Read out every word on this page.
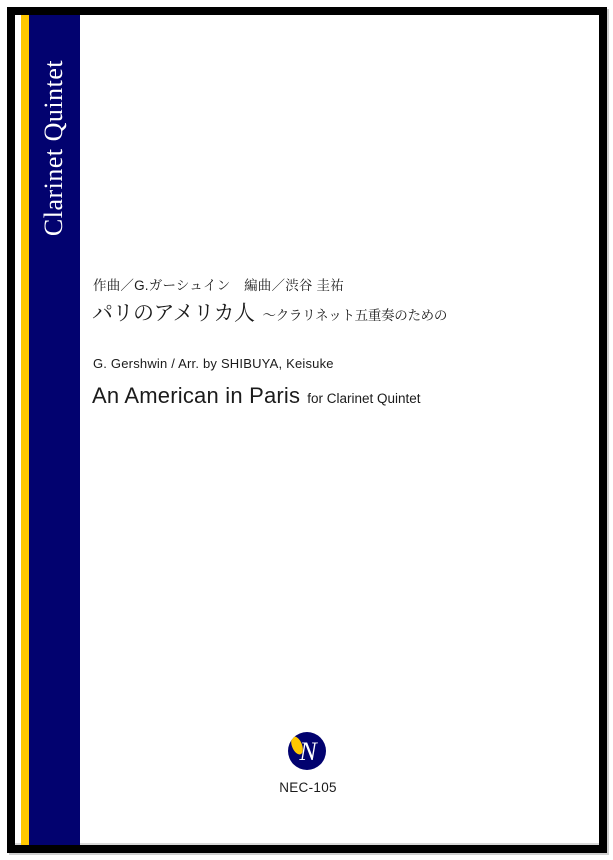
Clarinet Quintet
作曲／G.ガーシュイン　編曲／渋谷 圭祐
パリのアメリカ人 ～クラリネット五重奏のための
G. Gershwin / Arr. by SHIBUYA, Keisuke
An American in Paris for Clarinet Quintet
N
NEC-105
